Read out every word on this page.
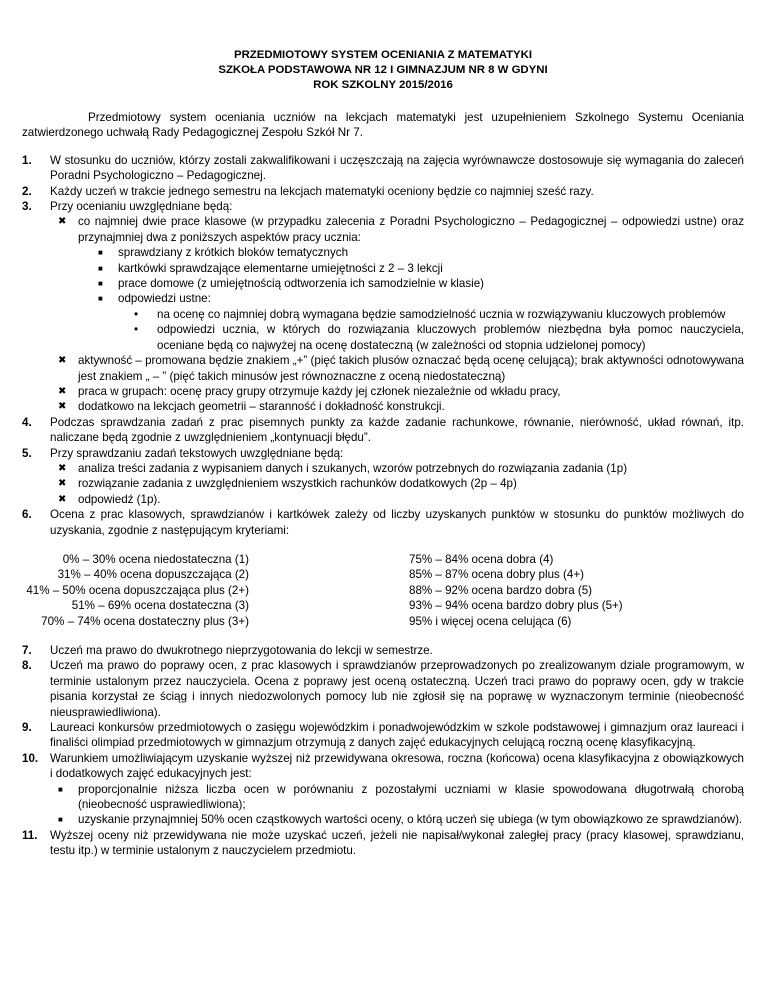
PRZEDMIOTOWY SYSTEM OCENIANIA Z MATEMATYKI
SZKOŁA PODSTAWOWA NR 12 I GIMNAZJUM NR 8 W GDYNI
ROK SZKOLNY 2015/2016
Przedmiotowy system oceniania uczniów na lekcjach matematyki jest uzupełnieniem Szkolnego Systemu Oceniania zatwierdzonego uchwałą Rady Pedagogicznej Zespołu Szkół Nr 7.
1.	W stosunku do uczniów, którzy zostali zakwalifikowani i uczęszczają na zajęcia wyrównawcze dostosowuje się wymagania do zaleceń Poradni Psychologiczno – Pedagogicznej.
2.	Każdy uczeń w trakcie jednego semestru na lekcjach matematyki oceniony będzie co najmniej sześć razy.
3.	Przy ocenianiu uwzględniane będą:
✖	co najmniej dwie prace klasowe (w przypadku zalecenia z Poradni Psychologiczno – Pedagogicznej – odpowiedzi ustne) oraz przynajmniej dwa z poniższych aspektów pracy ucznia:
■	sprawdziany z krótkich bloków tematycznych
■	kartkówki sprawdzające elementarne umiejętności z 2 – 3 lekcji
■	prace domowe (z umiejętnością odtworzenia ich samodzielnie w klasie)
■	odpowiedzi ustne:
•	na ocenę co najmniej dobrą wymagana będzie samodzielność ucznia w rozwiązywaniu kluczowych problemów
•	odpowiedzi ucznia, w których do rozwiązania kluczowych problemów niezbędna była pomoc nauczyciela, oceniane będą co najwyżej na ocenę dostateczną (w zależności od stopnia udzielonej pomocy)
✖	aktywność – promowana będzie znakiem „+” (pięć takich plusów oznaczać będą ocenę celującą); brak aktywności odnotowywana jest znakiem „ – ” (pięć takich minusów jest równoznaczne z oceną niedostateczną)
✖	praca w grupach: ocenę pracy grupy otrzymuje każdy jej członek niezależnie od wkładu pracy,
✖	dodatkowo na lekcjach geometrii – staranność i dokładność konstrukcji.
4.	Podczas sprawdzania zadań z prac pisemnych punkty za każde zadanie rachunkowe, równanie, nierówność, układ równań, itp. naliczane będą zgodnie z uwzględnieniem „kontynuacji błędu”.
5.	Przy sprawdzaniu zadań tekstowych uwzględniane będą:
✖	analiza treści zadania z wypisaniem danych i szukanych, wzorów potrzebnych do rozwiązania zadania (1p)
✖	rozwiązanie zadania z uwzględnieniem wszystkich rachunków dodatkowych (2p – 4p)
✖	odpowiedź (1p).
6.	Ocena z prac klasowych, sprawdzianów i kartkówek zależy od liczby uzyskanych punktów w stosunku do punktów możliwych do uzyskania, zgodnie z następującym kryteriami:
0% – 30% ocena niedostateczna (1)
31% – 40% ocena dopuszczająca (2)
41% – 50% ocena dopuszczająca plus (2+)
51% – 69% ocena dostateczna (3)
70% – 74% ocena dostateczny plus (3+)
75% – 84% ocena dobra (4)
85% – 87% ocena dobry plus (4+)
88% – 92% ocena bardzo dobra (5)
93% – 94% ocena bardzo dobry plus (5+)
95% i więcej ocena celująca (6)
7.	Uczeń ma prawo do dwukrotnego nieprzygotowania do lekcji w semestrze.
8.	Uczeń ma prawo do poprawy ocen, z prac klasowych i sprawdzianów przeprowadzonych po zrealizowanym dziale programowym, w terminie ustalonym przez nauczyciela. Ocena z poprawy jest oceną ostateczną. Uczeń traci prawo do poprawy ocen, gdy w trakcie pisania korzystał ze ściąg i innych niedozwolonych pomocy lub nie zgłosił się na poprawę w wyznaczonym terminie (nieobecność nieusprawiedliwiona).
9.	Laureaci konkursów przedmiotowych o zasięgu wojewódzkim i ponadwojewódzkim w szkole podstawowej i gimnazjum oraz laureaci i finaliści olimpiad przedmiotowych w gimnazjum otrzymują z danych zajęć edukacyjnych celującą roczną ocenę klasyfikacyjną.
10.	Warunkiem umożliwiającym uzyskanie wyższej niż przewidywana okresowa, roczna (końcowa) ocena klasyfikacyjna z obowiązkowych i dodatkowych zajęć edukacyjnych jest:
■	proporcjonalnie niższa liczba ocen w porównaniu z pozostałymi uczniami w klasie spowodowana długotrwałą chorobą (nieobecność usprawiedliwiona);
■	uzyskanie przynajmniej 50% ocen cząstkowych wartości oceny, o którą uczeń się ubiega (w tym obowiązkowo ze sprawdzianów).
11.	Wyższej oceny niż przewidywana nie może uzyskać uczeń, jeżeli nie napisał/wykonał zaległej pracy (pracy klasowej, sprawdzianu, testu itp.) w terminie ustalonym z nauczycielem przedmiotu.
